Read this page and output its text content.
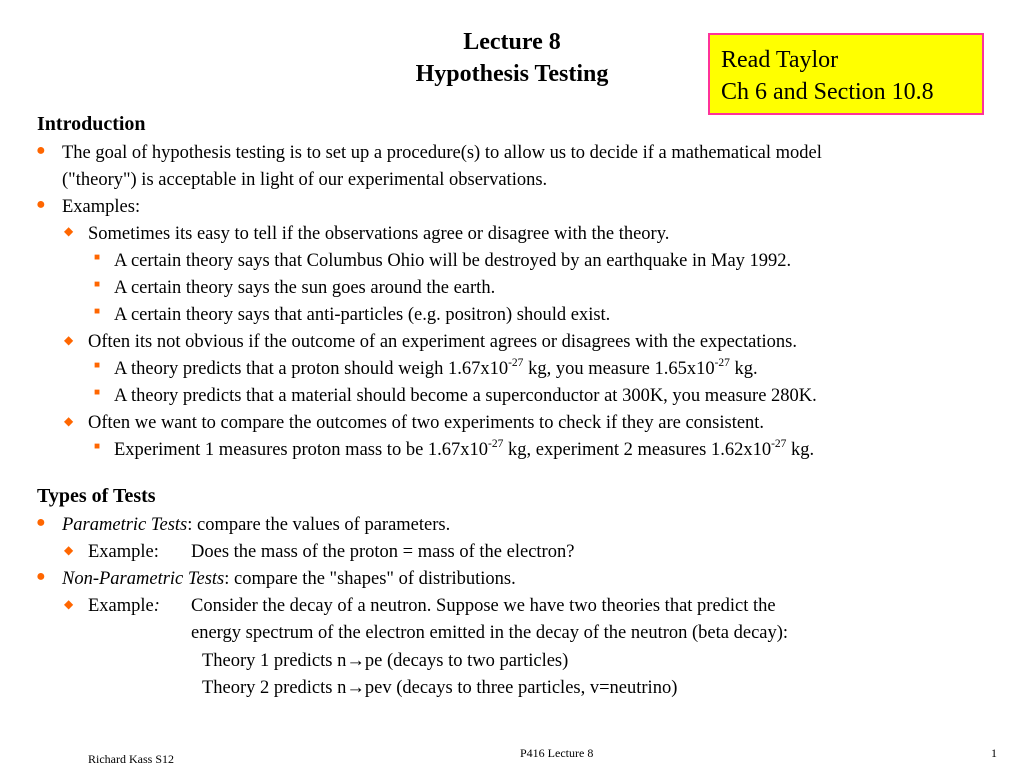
Lecture 8
Hypothesis Testing
Read Taylor
Ch 6 and Section 10.8
Introduction
● The goal of hypothesis testing is to set up a procedure(s) to allow us to decide if a mathematical model
("theory") is acceptable in light of our experimental observations.
● Examples:
◆ Sometimes its easy to tell if the observations agree or disagree with the theory.
■ A certain theory says that Columbus Ohio will be destroyed by an earthquake in May 1992.
■ A certain theory says the sun goes around the earth.
■ A certain theory says that anti-particles (e.g. positron) should exist.
◆ Often its not obvious if the outcome of an experiment agrees or disagrees with the expectations.
■ A theory predicts that a proton should weigh $1.67x10^{-27}$ kg, you measure $1.65x10^{-27}$ kg.
■ A theory predicts that a material should become a superconductor at 300K, you measure 280K.
◆ Often we want to compare the outcomes of two experiments to check if they are consistent.
■ Experiment 1 measures proton mass to be $1.67x10^{-27}$ kg, experiment 2 measures $1.62x10^{-27}$ kg.
Types of Tests
● Parametric Tests: compare the values of parameters.
◆ Example: Does the mass of the proton = mass of the electron?
● Non-Parametric Tests: compare the "shapes" of distributions.
◆ Example: Consider the decay of a neutron. Suppose we have two theories that predict the
energy spectrum of the electron emitted in the decay of the neutron (beta decay):
Theory 1 predicts n→pe (decays to two particles)
Theory 2 predicts n→pev (decays to three particles, v=neutrino)
Richard Kass S12	P416 Lecture 8	1
